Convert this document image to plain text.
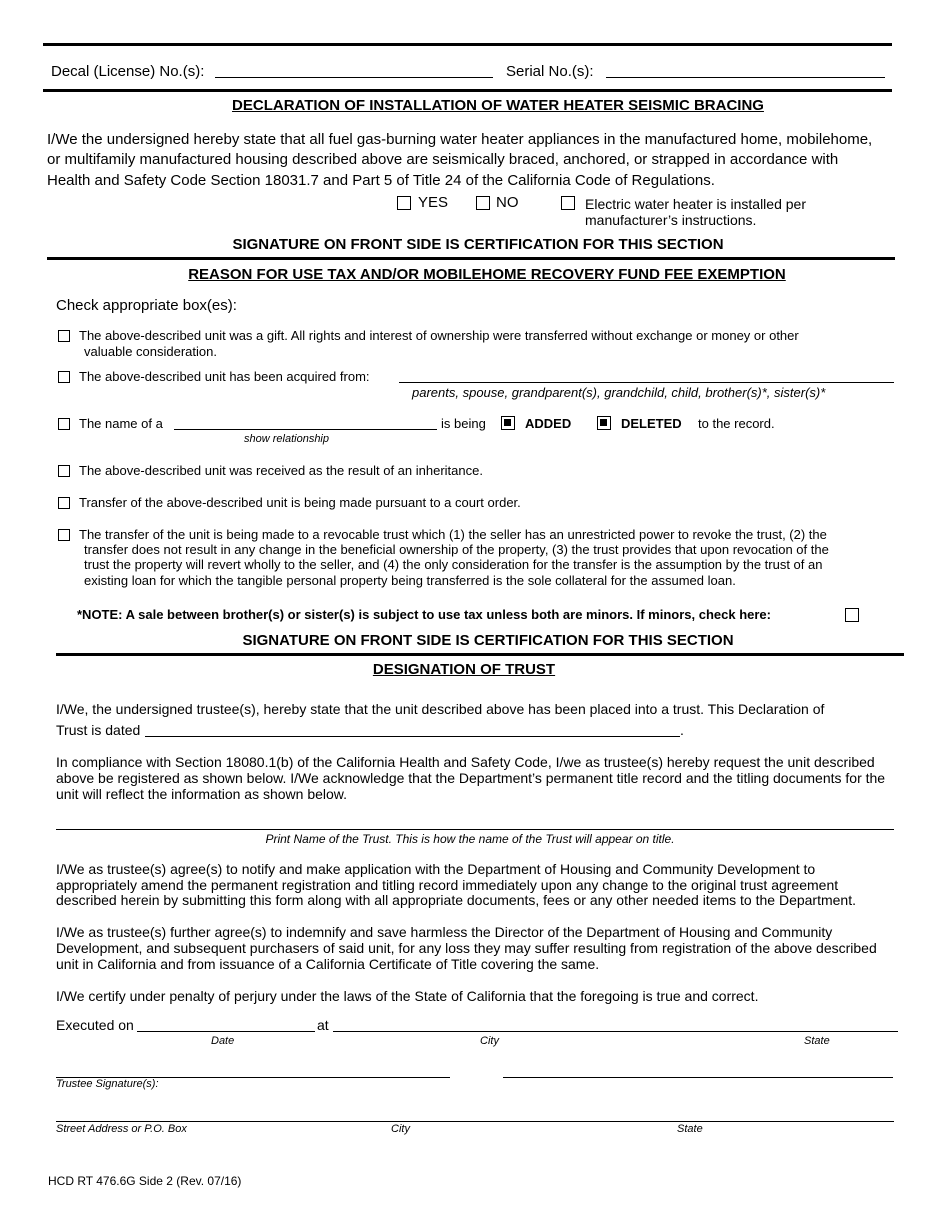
Decal (License) No.(s):	Serial No.(s):
DECLARATION OF INSTALLATION OF WATER HEATER SEISMIC BRACING
I/We the undersigned hereby state that all fuel gas-burning water heater appliances in the manufactured home, mobilehome,
or multifamily manufactured housing described above are seismically braced, anchored, or strapped in accordance with
Health and Safety Code Section 18031.7 and Part 5 of Title 24 of the California Code of Regulations.
YES	NO	Electric water heater is installed per
manufacturer’s instructions.
SIGNATURE ON FRONT SIDE IS CERTIFICATION FOR THIS SECTION
REASON FOR USE TAX AND/OR MOBILEHOME RECOVERY FUND FEE EXEMPTION
Check appropriate box(es):
The above-described unit was a gift. All rights and interest of ownership were transferred without exchange or money or other
valuable consideration.
The above-described unit has been acquired from:
parents, spouse, grandparent(s), grandchild, child, brother(s)*, sister(s)*
The name of a
show relationship
is being	ADDED	DELETED to the record.
The above-described unit was received as the result of an inheritance.
Transfer of the above-described unit is being made pursuant to a court order.
The transfer of the unit is being made to a revocable trust which (1) the seller has an unrestricted power to revoke the trust, (2) the
transfer does not result in any change in the beneficial ownership of the property, (3) the trust provides that upon revocation of the
trust the property will revert wholly to the seller, and (4) the only consideration for the transfer is the assumption by the trust of an
existing loan for which the tangible personal property being transferred is the sole collateral for the assumed loan.
*NOTE: A sale between brother(s) or sister(s) is subject to use tax unless both are minors. If minors, check here:
SIGNATURE ON FRONT SIDE IS CERTIFICATION FOR THIS SECTION
DESIGNATION OF TRUST
I/We, the undersigned trustee(s), hereby state that the unit described above has been placed into a trust. This Declaration of
Trust is dated	.
In compliance with Section 18080.1(b) of the California Health and Safety Code, I/we as trustee(s) hereby request the unit described
above be registered as shown below. I/We acknowledge that the Department’s permanent title record and the titling documents for the
unit will reflect the information as shown below.
Print Name of the Trust. This is how the name of the Trust will appear on title.
I/We as trustee(s) agree(s) to notify and make application with the Department of Housing and Community Development to
appropriately amend the permanent registration and titling record immediately upon any change to the original trust agreement
described herein by submitting this form along with all appropriate documents, fees or any other needed items to the Department.
I/We as trustee(s) further agree(s) to indemnify and save harmless the Director of the Department of Housing and Community
Development, and subsequent purchasers of said unit, for any loss they may suffer resulting from registration of the above described
unit in California and from issuance of a California Certificate of Title covering the same.
I/We certify under penalty of perjury under the laws of the State of California that the foregoing is true and correct.
Executed on	at
Date	City	State
Trustee Signature(s):
Street Address or P.O. Box	City	State
HCD RT 476.6G Side 2 (Rev. 07/16)
